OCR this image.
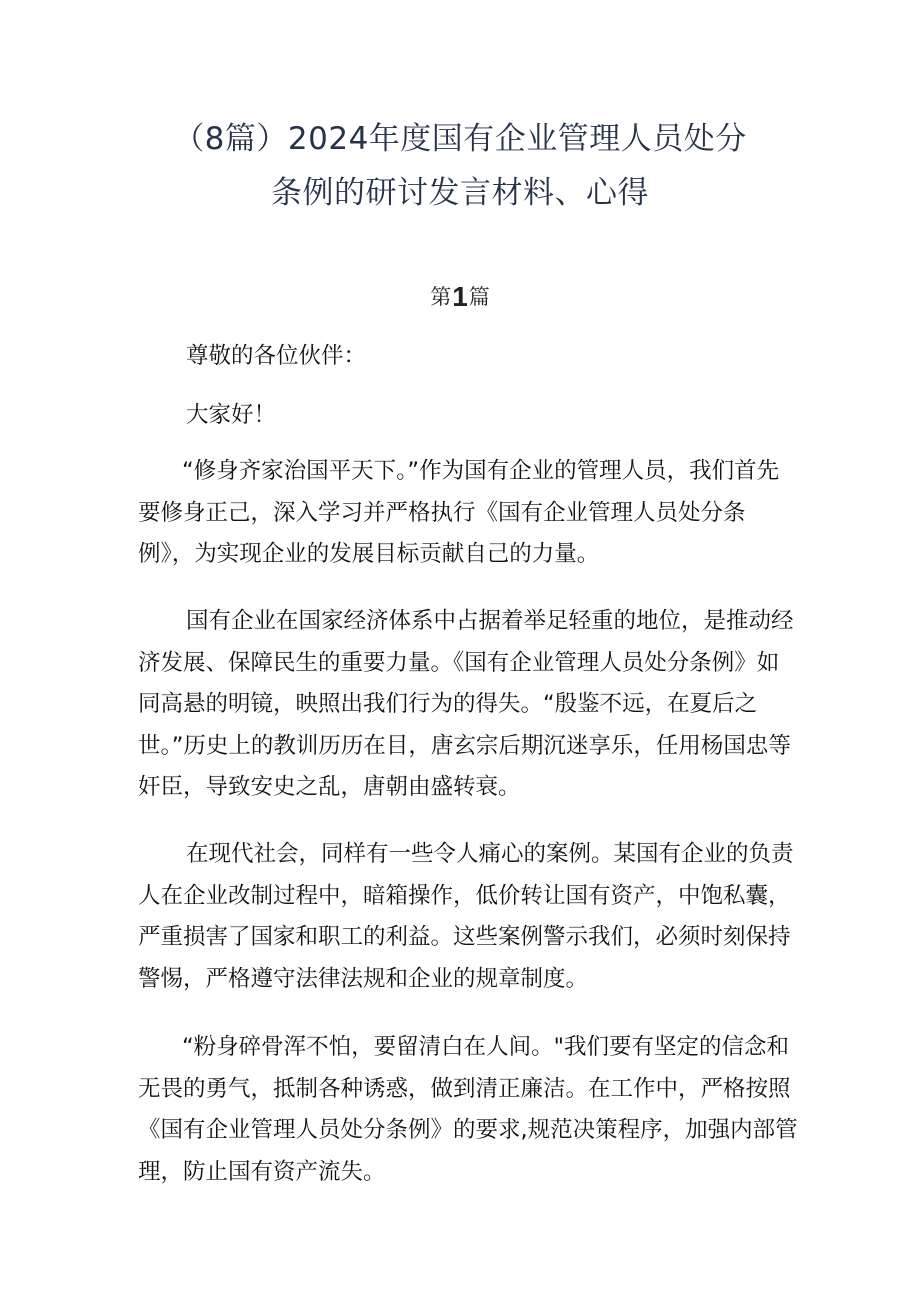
（8篇）2024年度国有企业管理人员处分
条例的研讨发言材料、心得
第1篇
尊敬的各位伙伴：
大家好！
“修身齐家治国平天下。”作为国有企业的管理人员，我们首先要修身正己，深入学习并严格执行《国有企业管理人员处分条例》，为实现企业的发展目标贡献自己的力量。
国有企业在国家经济体系中占据着举足轻重的地位，是推动经济发展、保障民生的重要力量。《国有企业管理人员处分条例》如同高悬的明镜，映照出我们行为的得失。“殷鉴不远，在夏后之世。”历史上的教训历历在目，唐玄宗后期沉迷享乐，任用杨国忠等奸臣，导致安史之乱，唐朝由盛转衰。
在现代社会，同样有一些令人痛心的案例。某国有企业的负责人在企业改制过程中，暗箱操作，低价转让国有资产，中饱私囊，严重损害了国家和职工的利益。这些案例警示我们，必须时刻保持警惕，严格遵守法律法规和企业的规章制度。
“粉身碎骨浑不怕，要留清白在人间。"我们要有坚定的信念和无畏的勇气，抵制各种诱惑，做到清正廉洁。在工作中，严格按照《国有企业管理人员处分条例》的要求,规范决策程序，加强内部管理，防止国有资产流失。
